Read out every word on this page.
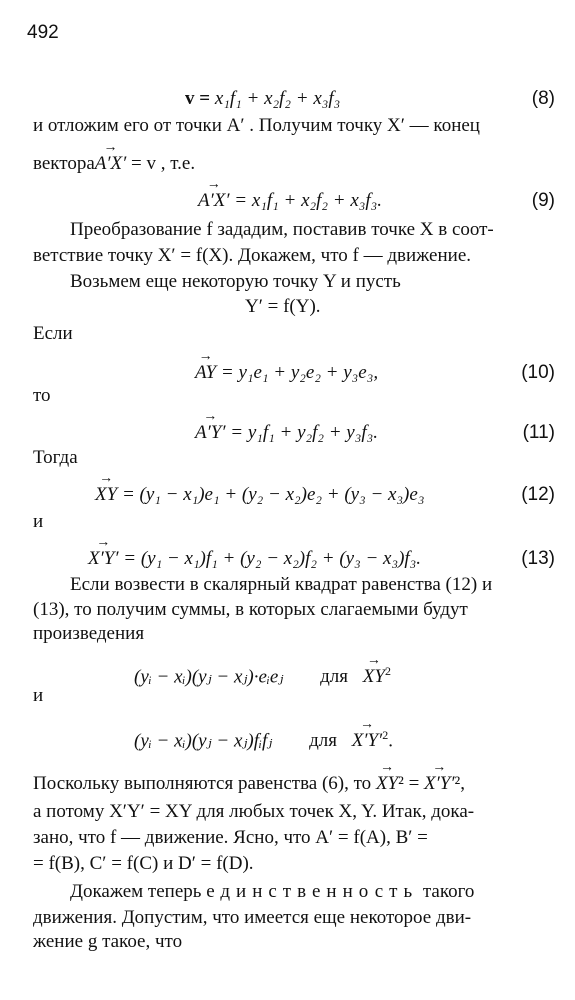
492
v = x₁f₁ + x₂f₂ + x₃f₃	(8)
и отложим его от точки A′ . Получим точку X′ — конец
вектора→ A′X′ = v , т.е.
→ A′X′ = x₁f₁ + x₂f₂ + x₃f₃.	(9)
Преобразование f зададим, поставив точке X в соот-
ветствие точку X′ = f(X). Докажем, что f — движение.
Возьмем еще некоторую точку Y и пусть
Y′ = f(Y).
Если
→ AY = y₁e₁ + y₂e₂ + y₃e₃,	(10)
то
→ A′Y′ = y₁f₁ + y₂f₂ + y₃f₃.	(11)
Тогда
→ XY = (y₁ − x₁)e₁ + (y₂ − x₂)e₂ + (y₃ − x₃)e₃	(12)
и
→ X′Y′ = (y₁ − x₁)f₁ + (y₂ − x₂)f₂ + (y₃ − x₃)f₃.	(13)
Если возвести в скалярный квадрат равенства (12) и
(13), то получим суммы, в которых слагаемыми будут
произведения
(yᵢ − xᵢ)(yⱼ − xⱼ)·eᵢeⱼ для → $XY^2$
и
(yᵢ − xᵢ)(yⱼ − xⱼ)fᵢfⱼ для → $X'Y'^2$.
Поскольку выполняются равенства (6), то → XY² = → X′Y′²,
а потому X′Y′ = XY для любых точек X, Y. Итак, дока-
зано, что f — движение. Ясно, что A′ = f(A), B′ =
= f(B), C′ = f(C) и D′ = f(D).
Докажем теперь единственность такого
движения. Допустим, что имеется еще некоторое дви-
жение g такое, что
